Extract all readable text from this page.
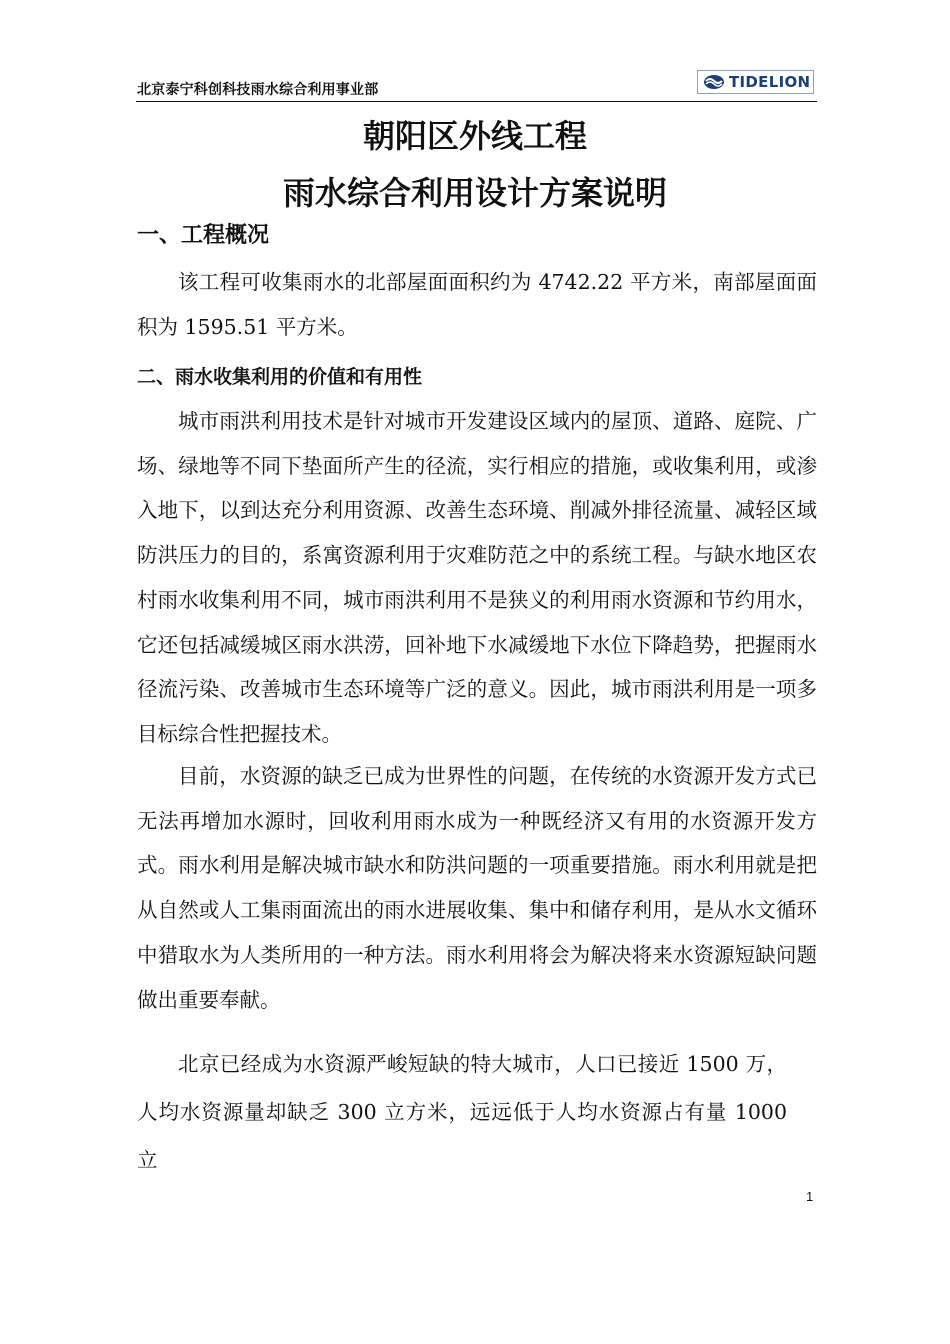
北京泰宁科创科技雨水综合利用事业部	TIDELION
朝阳区外线工程
雨水综合利用设计方案说明
一、工程概况

该工程可收集雨水的北部屋面面积约为 4742.22 平方米，南部屋面面积为 1595.51 平方米。

二、雨水收集利用的价值和有用性

城市雨洪利用技术是针对城市开发建设区域内的屋顶、道路、庭院、广场、绿地等不同下垫面所产生的径流，实行相应的措施，或收集利用，或渗入地下，以到达充分利用资源、改善生态环境、削减外排径流量、减轻区域防洪压力的目的，系寓资源利用于灾难防范之中的系统工程。与缺水地区农村雨水收集利用不同，城市雨洪利用不是狭义的利用雨水资源和节约用水，它还包括减缓城区雨水洪涝，回补地下水减缓地下水位下降趋势，把握雨水径流污染、改善城市生态环境等广泛的意义。因此，城市雨洪利用是一项多目标综合性把握技术。

目前，水资源的缺乏已成为世界性的问题，在传统的水资源开发方式已无法再增加水源时，回收利用雨水成为一种既经济又有用的水资源开发方式。雨水利用是解决城市缺水和防洪问题的一项重要措施。雨水利用就是把从自然或人工集雨面流出的雨水进展收集、集中和储存利用，是从水文循环中猎取水为人类所用的一种方法。雨水利用将会为解决将来水资源短缺问题做出重要奉献。

北京已经成为水资源严峻短缺的特大城市，人口已接近 1500 万， 人均水资源量却缺乏 300 立方米，远远低于人均水资源占有量 1000 立

1
